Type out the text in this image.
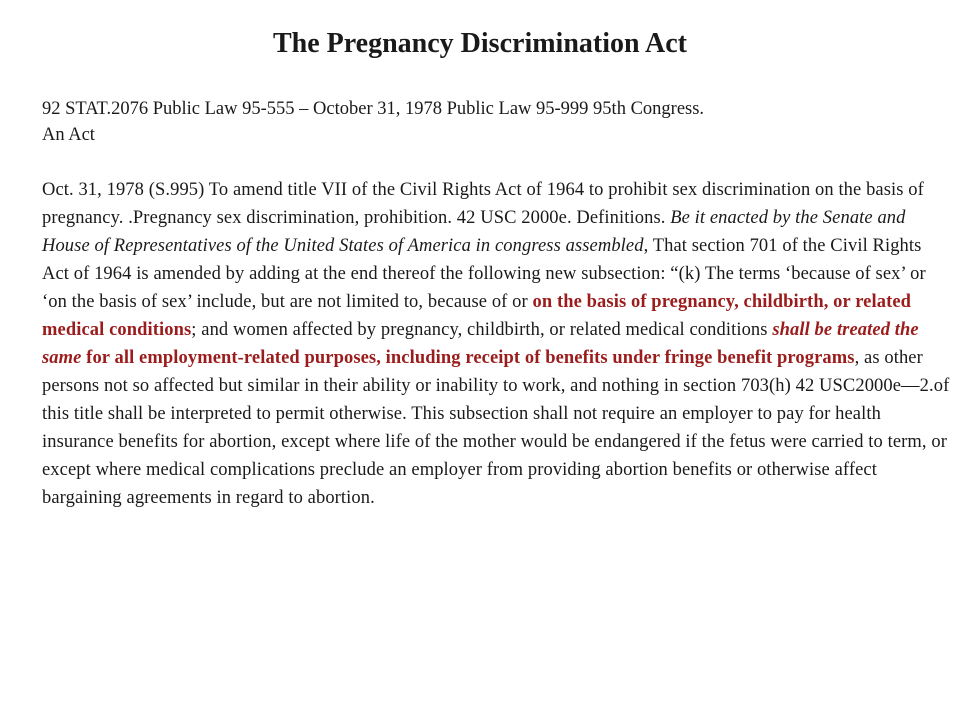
The Pregnancy Discrimination Act

92 STAT.2076 Public Law 95-555 – October 31, 1978 Public Law 95-999 95th Congress.

An Act

Oct. 31, 1978 (S.995) To amend title VII of the Civil Rights Act of 1964 to prohibit sex discrimination on the basis of pregnancy. .Pregnancy sex discrimination, prohibition. 42 USC 2000e. Definitions. Be it enacted by the Senate and House of Representatives of the United States of America in congress assembled, That section 701 of the Civil Rights Act of 1964 is amended by adding at the end thereof the following new subsection: “(k) The terms ‘because of sex’ or ‘on the basis of sex’ include, but are not limited to, because of or on the basis of pregnancy, childbirth, or related medical conditions; and women affected by pregnancy, childbirth, or related medical conditions shall be treated the same for all employment-related purposes, including receipt of benefits under fringe benefit programs, as other persons not so affected but similar in their ability or inability to work, and nothing in section 703(h) 42 USC2000e—2.of this title shall be interpreted to permit otherwise. This subsection shall not require an employer to pay for health insurance benefits for abortion, except where life of the mother would be endangered if the fetus were carried to term, or except where medical complications preclude an employer from providing abortion benefits or otherwise affect bargaining agreements in regard to abortion.
